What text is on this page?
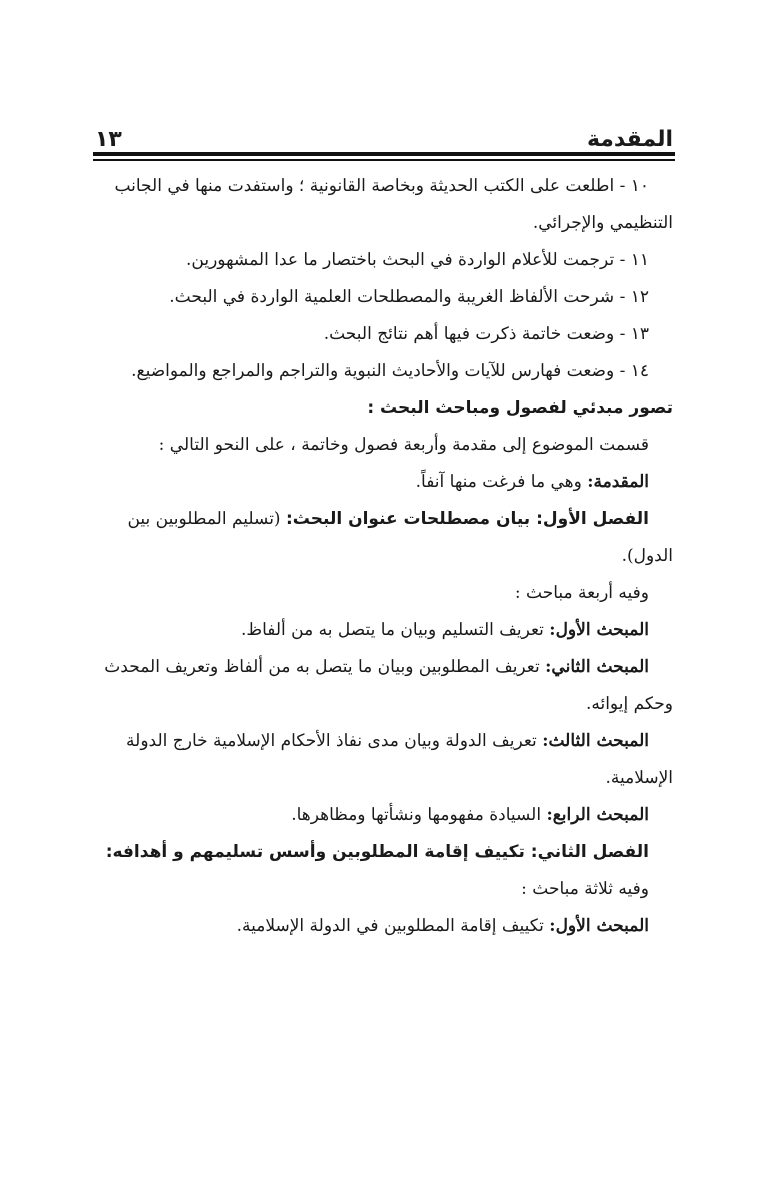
المقدمة
١٣

١٠ - اطلعت على الكتب الحديثة وبخاصة القانونية ؛ واستفدت منها في الجانب

التنظيمي والإجرائي.

١١ - ترجمت للأعلام الواردة في البحث باختصار ما عدا المشهورين.

١٢ - شرحت الألفاظ الغريبة والمصطلحات العلمية الواردة في البحث.

١٣ - وضعت خاتمة ذكرت فيها أهم نتائج البحث.

١٤ - وضعت فهارس للآيات والأحاديث النبوية والتراجم والمراجع والمواضيع.

تصور مبدئي لفصول ومباحث البحث :

قسمت الموضوع إلى مقدمة وأربعة فصول وخاتمة ، على النحو التالي :

المقدمة: وهي ما فرغت منها آنفاً.

الفصل الأول: بيان مصطلحات عنوان البحث: (تسليم المطلوبين بين

الدول).

وفيه أربعة مباحث :

المبحث الأول: تعريف التسليم وبيان ما يتصل به من ألفاظ.

المبحث الثاني: تعريف المطلوبين وبيان ما يتصل به من ألفاظ وتعريف المحدث

وحكم إيوائه.

المبحث الثالث: تعريف الدولة وبيان مدى نفاذ الأحكام الإسلامية خارج الدولة

الإسلامية.

المبحث الرابع: السيادة مفهومها ونشأتها ومظاهرها.

الفصل الثاني: تكييف إقامة المطلوبين وأسس تسليمهم و أهدافه:

وفيه ثلاثة مباحث :

المبحث الأول: تكييف إقامة المطلوبين في الدولة الإسلامية.
